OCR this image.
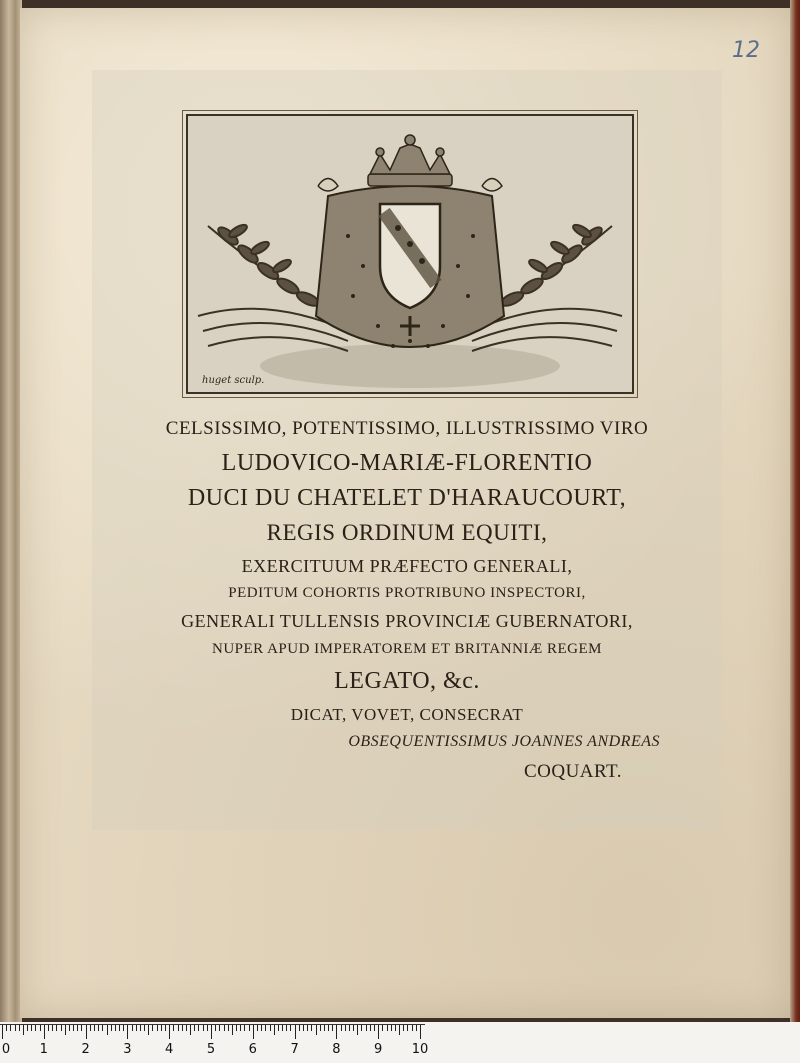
12
huget sculp.
CELSISSIMO, POTENTISSIMO, ILLUSTRISSIMO VIRO
LUDOVICO-MARIÆ-FLORENTIO
DUCI DU CHATELET D'HARAUCOURT,
REGIS ORDINUM EQUITI,
EXERCITUUM PRÆFECTO GENERALI,
PEDITUM COHORTIS PROTRIBUNO INSPECTORI,
GENERALI TULLENSIS PROVINCIÆ GUBERNATORI,
NUPER APUD IMPERATOREM ET BRITANNIÆ REGEM
LEGATO, &c.
DICAT, VOVET, CONSECRAT
OBSEQUENTISSIMUS JOANNES ANDREAS
COQUART.
0 1	2	3	4	5	6	7	8	9 10
